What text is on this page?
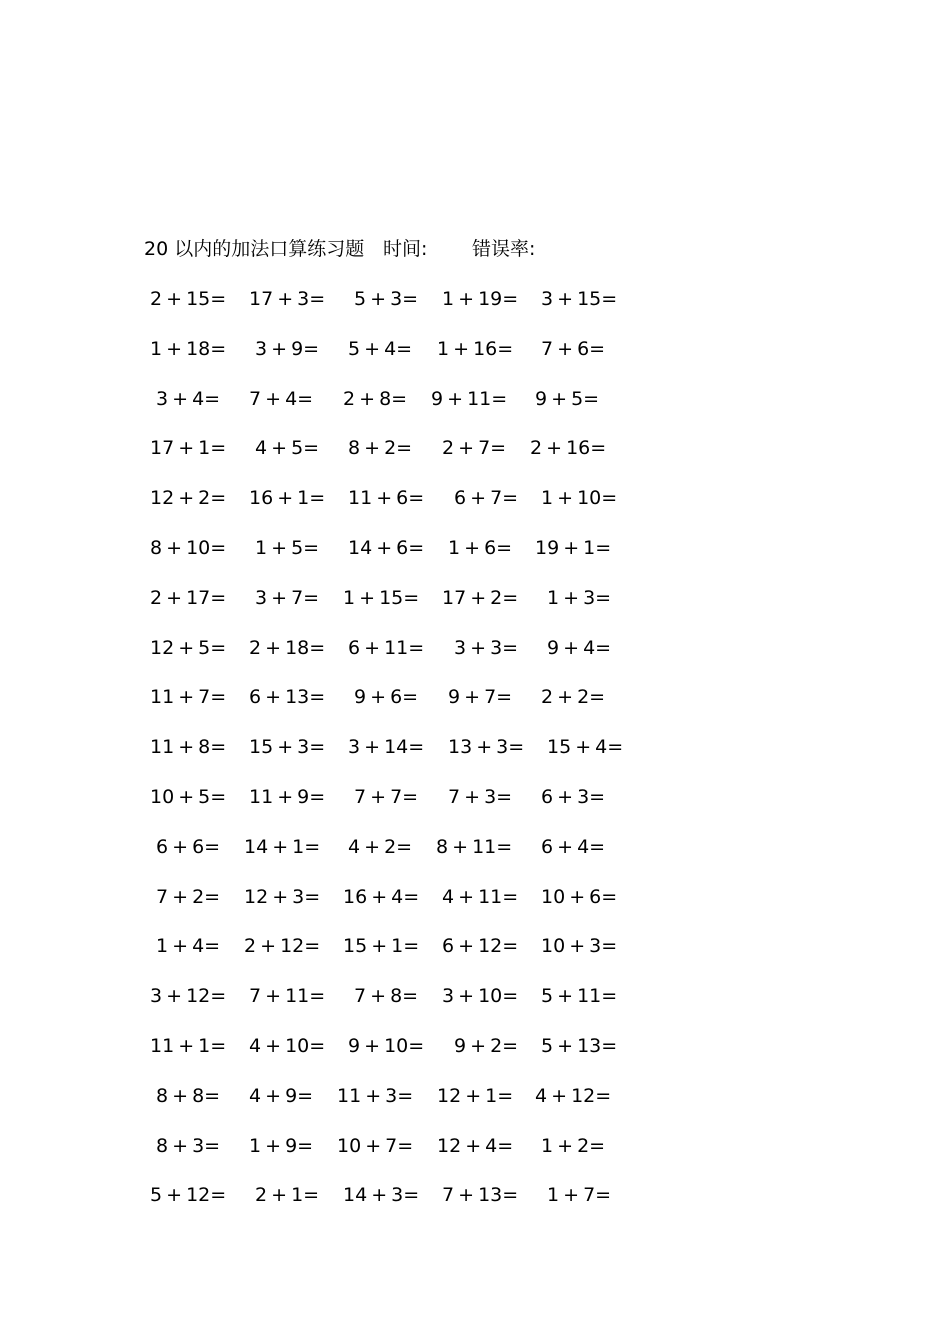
20 以内的加法口算练习题 时间: 错误率:
2 + 15= 17 + 3= 5 + 3= 1 + 19= 3 + 15=
1 + 18= 3 + 9= 5 + 4= 1 + 16= 7 + 6=
3 + 4= 7 + 4= 2 + 8= 9 + 11= 9 + 5=
17 + 1= 4 + 5= 8 + 2= 2 + 7= 2 + 16=
12 + 2= 16 + 1= 11 + 6= 6 + 7= 1 + 10=
8 + 10= 1 + 5= 14 + 6= 1 + 6= 19 + 1=
2 + 17= 3 + 7= 1 + 15= 17 + 2= 1 + 3=
12 + 5= 2 + 18= 6 + 11= 3 + 3= 9 + 4=
11 + 7= 6 + 13= 9 + 6= 9 + 7= 2 + 2=
11 + 8= 15 + 3= 3 + 14= 13 + 3= 15 + 4=
10 + 5= 11 + 9= 7 + 7= 7 + 3= 6 + 3=
6 + 6= 14 + 1= 4 + 2= 8 + 11= 6 + 4=
7 + 2= 12 + 3= 16 + 4= 4 + 11= 10 + 6=
1 + 4= 2 + 12= 15 + 1= 6 + 12= 10 + 3=
3 + 12= 7 + 11= 7 + 8= 3 + 10= 5 + 11=
11 + 1= 4 + 10= 9 + 10= 9 + 2= 5 + 13=
8 + 8= 4 + 9= 11 + 3= 12 + 1= 4 + 12=
8 + 3= 1 + 9= 10 + 7= 12 + 4= 1 + 2=
5 + 12= 2 + 1= 14 + 3= 7 + 13= 1 + 7=
